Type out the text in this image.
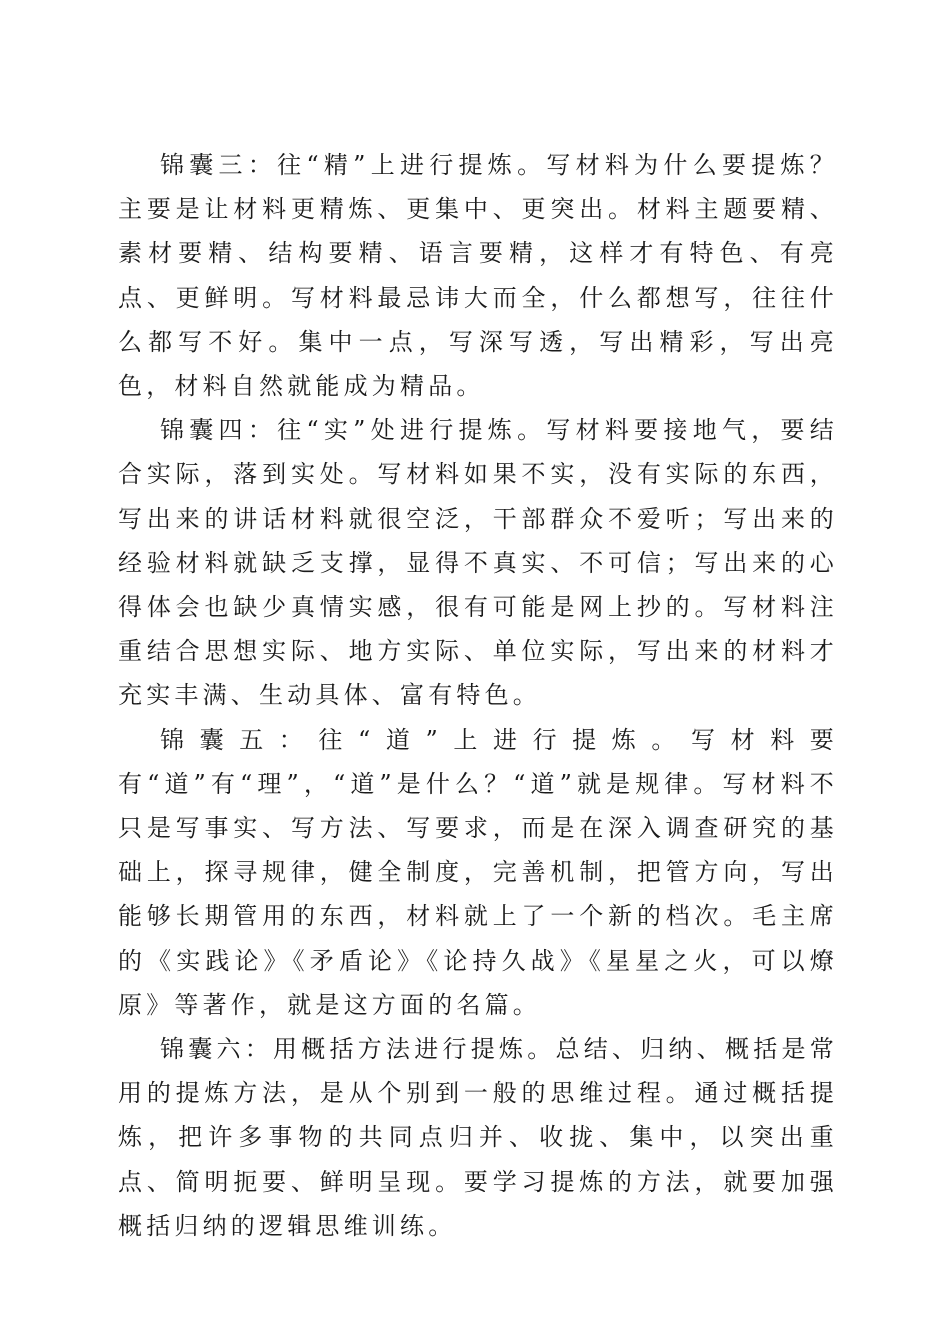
锦囊三：往“精”上进行提炼。写材料为什么要提炼？主要是让材料更精炼、更集中、更突出。材料主题要精、素材要精、结构要精、语言要精，这样才有特色、有亮点、更鲜明。写材料最忌讳大而全，什么都想写，往往什么都写不好。集中一点，写深写透，写出精彩，写出亮色，材料自然就能成为精品。

锦囊四：往“实”处进行提炼。写材料要接地气，要结合实际，落到实处。写材料如果不实，没有实际的东西，写出来的讲话材料就很空泛，干部群众不爱听；写出来的经验材料就缺乏支撑，显得不真实、不可信；写出来的心得体会也缺少真情实感，很有可能是网上抄的。写材料注重结合思想实际、地方实际、单位实际，写出来的材料才充实丰满、生动具体、富有特色。

锦囊五：往“道”上进行提炼。写材料要有“道”有“理”，“道”是什么？“道”就是规律。写材料不只是写事实、写方法、写要求，而是在深入调查研究的基础上，探寻规律，健全制度，完善机制，把管方向，写出能够长期管用的东西，材料就上了一个新的档次。毛主席的《实践论》《矛盾论》《论持久战》《星星之火，可以燎原》等著作，就是这方面的名篇。

锦囊六：用概括方法进行提炼。总结、归纳、概括是常用的提炼方法，是从个别到一般的思维过程。通过概括提炼，把许多事物的共同点归并、收拢、集中，以突出重点、简明扼要、鲜明呈现。要学习提炼的方法，就要加强概括归纳的逻辑思维训练。
